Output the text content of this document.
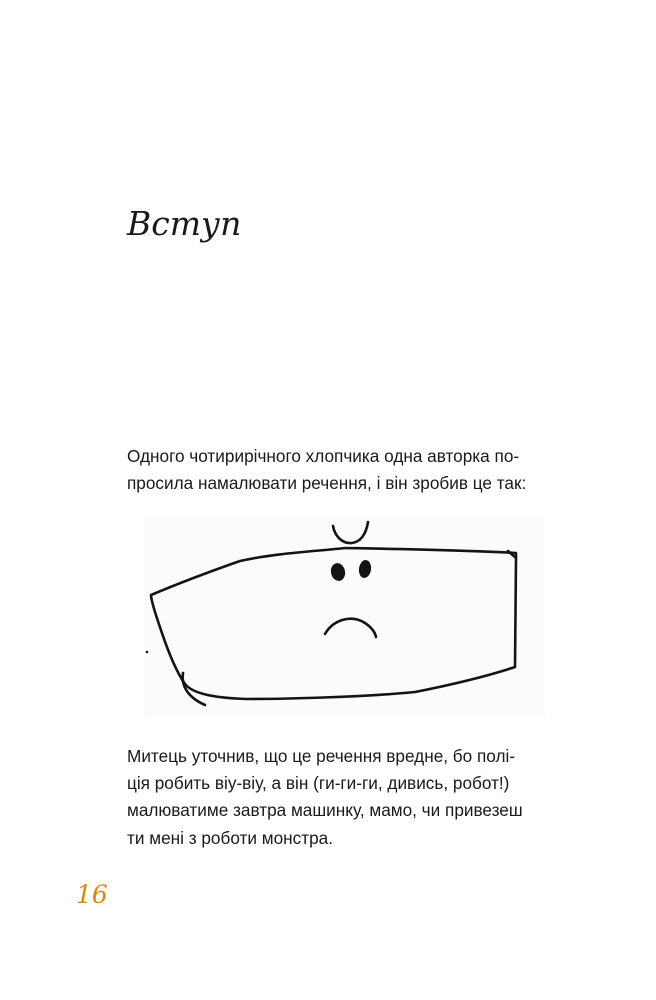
Вступ

Одного чотирирічного хлопчика одна авторка по-
просила намалювати речення, і він зробив це так:

Митець уточнив, що це речення вредне, бо полі-
ція робить віу-віу, а він (ги-ги-ги, дивись, робот!)
малюватиме завтра машинку, мамо, чи привезеш
ти мені з роботи монстра.

16
